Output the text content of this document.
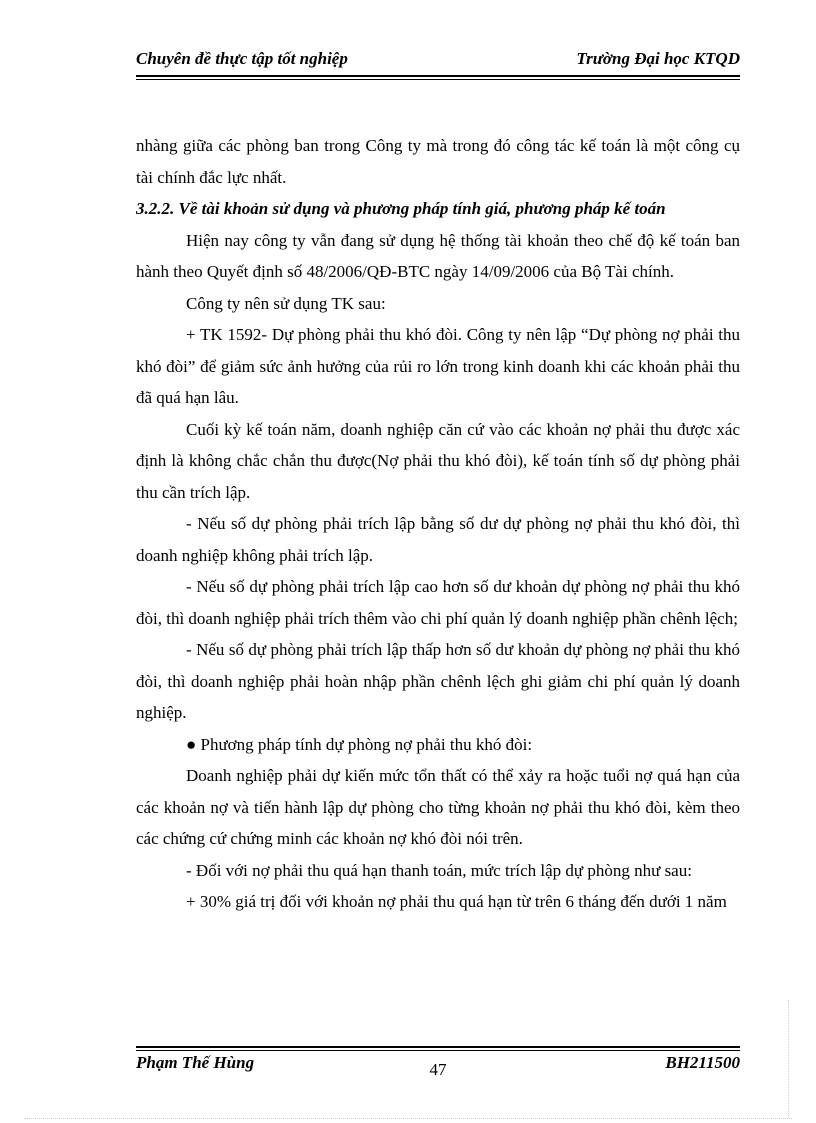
Chuyên đề thực tập tốt nghiệp	Trường Đại học KTQD

nhàng giữa các phòng ban trong Công ty mà trong đó công tác kế toán là một công cụ tài chính đắc lực nhất.

3.2.2. Về tài khoản sử dụng và phương pháp tính giá, phương pháp kế toán

Hiện nay công ty vẫn đang sử dụng hệ thống tài khoản theo chế độ kế toán ban hành theo Quyết định số 48/2006/QĐ-BTC ngày 14/09/2006 của Bộ Tài chính.

Công ty nên sử dụng TK sau:

+ TK 1592- Dự phòng phải thu khó đòi. Công ty nên lập “Dự phòng nợ phải thu khó đòi” để giảm sức ảnh hưởng của rủi ro lớn trong kinh doanh khi các khoản phải thu đã quá hạn lâu.

Cuối kỳ kế toán năm, doanh nghiệp căn cứ vào các khoản nợ phải thu được xác định là không chắc chắn thu được(Nợ phải thu khó đòi), kế toán tính số dự phòng phải thu cần trích lập.

- Nếu số dự phòng phải trích lập bằng số dư dự phòng nợ phải thu khó đòi, thì doanh nghiệp không phải trích lập.

- Nếu số dự phòng phải trích lập cao hơn số dư khoản dự phòng nợ phải thu khó đòi, thì doanh nghiệp phải trích thêm vào chi phí quản lý doanh nghiệp phần chênh lệch;

- Nếu số dự phòng phải trích lập thấp hơn số dư khoản dự phòng nợ phải thu khó đòi, thì doanh nghiệp phải hoàn nhập phần chênh lệch ghi giảm chi phí quản lý doanh nghiệp.

● Phương pháp tính dự phòng nợ phải thu khó đòi:

Doanh nghiệp phải dự kiến mức tổn thất có thể xảy ra hoặc tuổi nợ quá hạn của các khoản nợ và tiến hành lập dự phòng cho từng khoản nợ phải thu khó đòi, kèm theo các chứng cứ chứng minh các khoản nợ khó đòi nói trên.

- Đối với nợ phải thu quá hạn thanh toán, mức trích lập dự phòng như sau:

+ 30% giá trị đối với khoản nợ phải thu quá hạn từ trên 6 tháng đến dưới 1 năm

Phạm Thế Hùng	47	BH211500
